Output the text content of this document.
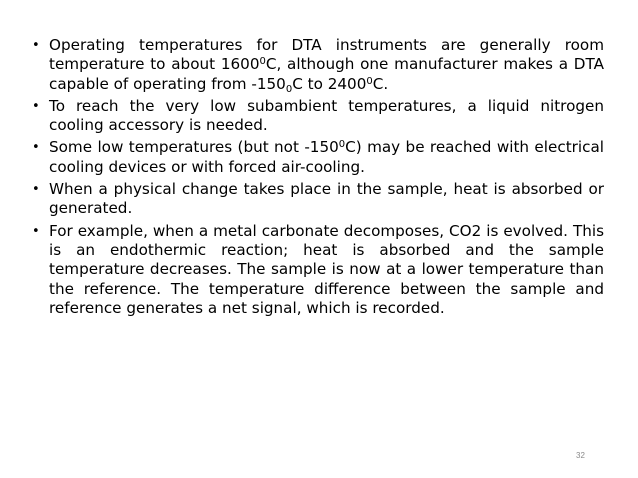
• Operating temperatures for DTA instruments are generally room temperature to about 1600$^0$C, although one manufacturer makes a DTA capable of operating from $-150_0C$ to 2400$^0$C.
• To reach the very low subambient temperatures, a liquid nitrogen cooling accessory is needed.
• Some low temperatures (but not $-150^0C$) may be reached with electrical cooling devices or with forced air-cooling.
• When a physical change takes place in the sample, heat is absorbed or generated.
• For example, when a metal carbonate decomposes, CO2 is evolved. This is an endothermic reaction; heat is absorbed and the sample temperature decreases. The sample is now at a lower temperature than the reference. The temperature difference between the sample and reference generates a net signal, which is recorded.
32
